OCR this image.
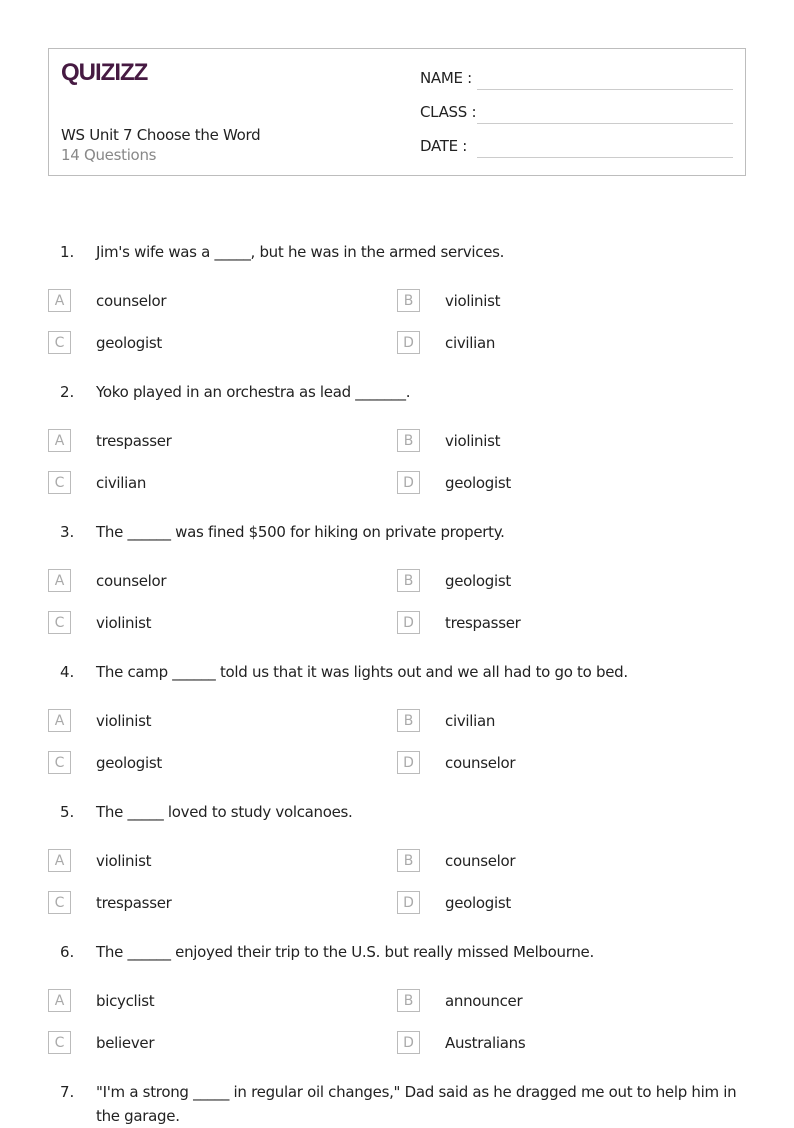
QUIZIZZ
WS Unit 7 Choose the Word
14 Questions
NAME :
CLASS :
DATE :
1. Jim's wife was a _____, but he was in the armed services.
A	counselor	B	violinist
C	geologist	D	civilian
2. Yoko played in an orchestra as lead _______.
A	trespasser	B	violinist
C	civilian	D	geologist
3. The ______ was fined $500 for hiking on private property.
A	counselor	B	geologist
C	violinist	D	trespasser
4. The camp ______ told us that it was lights out and we all had to go to bed.
A	violinist	B	civilian
C	geologist	D	counselor
5. The _____ loved to study volcanoes.
A	violinist	B	counselor
C	trespasser	D	geologist
6. The ______ enjoyed their trip to the U.S. but really missed Melbourne.
A	bicyclist	B	announcer
C	believer	D	Australians
7. "I'm a strong _____ in regular oil changes," Dad said as he dragged me out to help him in the garage.
